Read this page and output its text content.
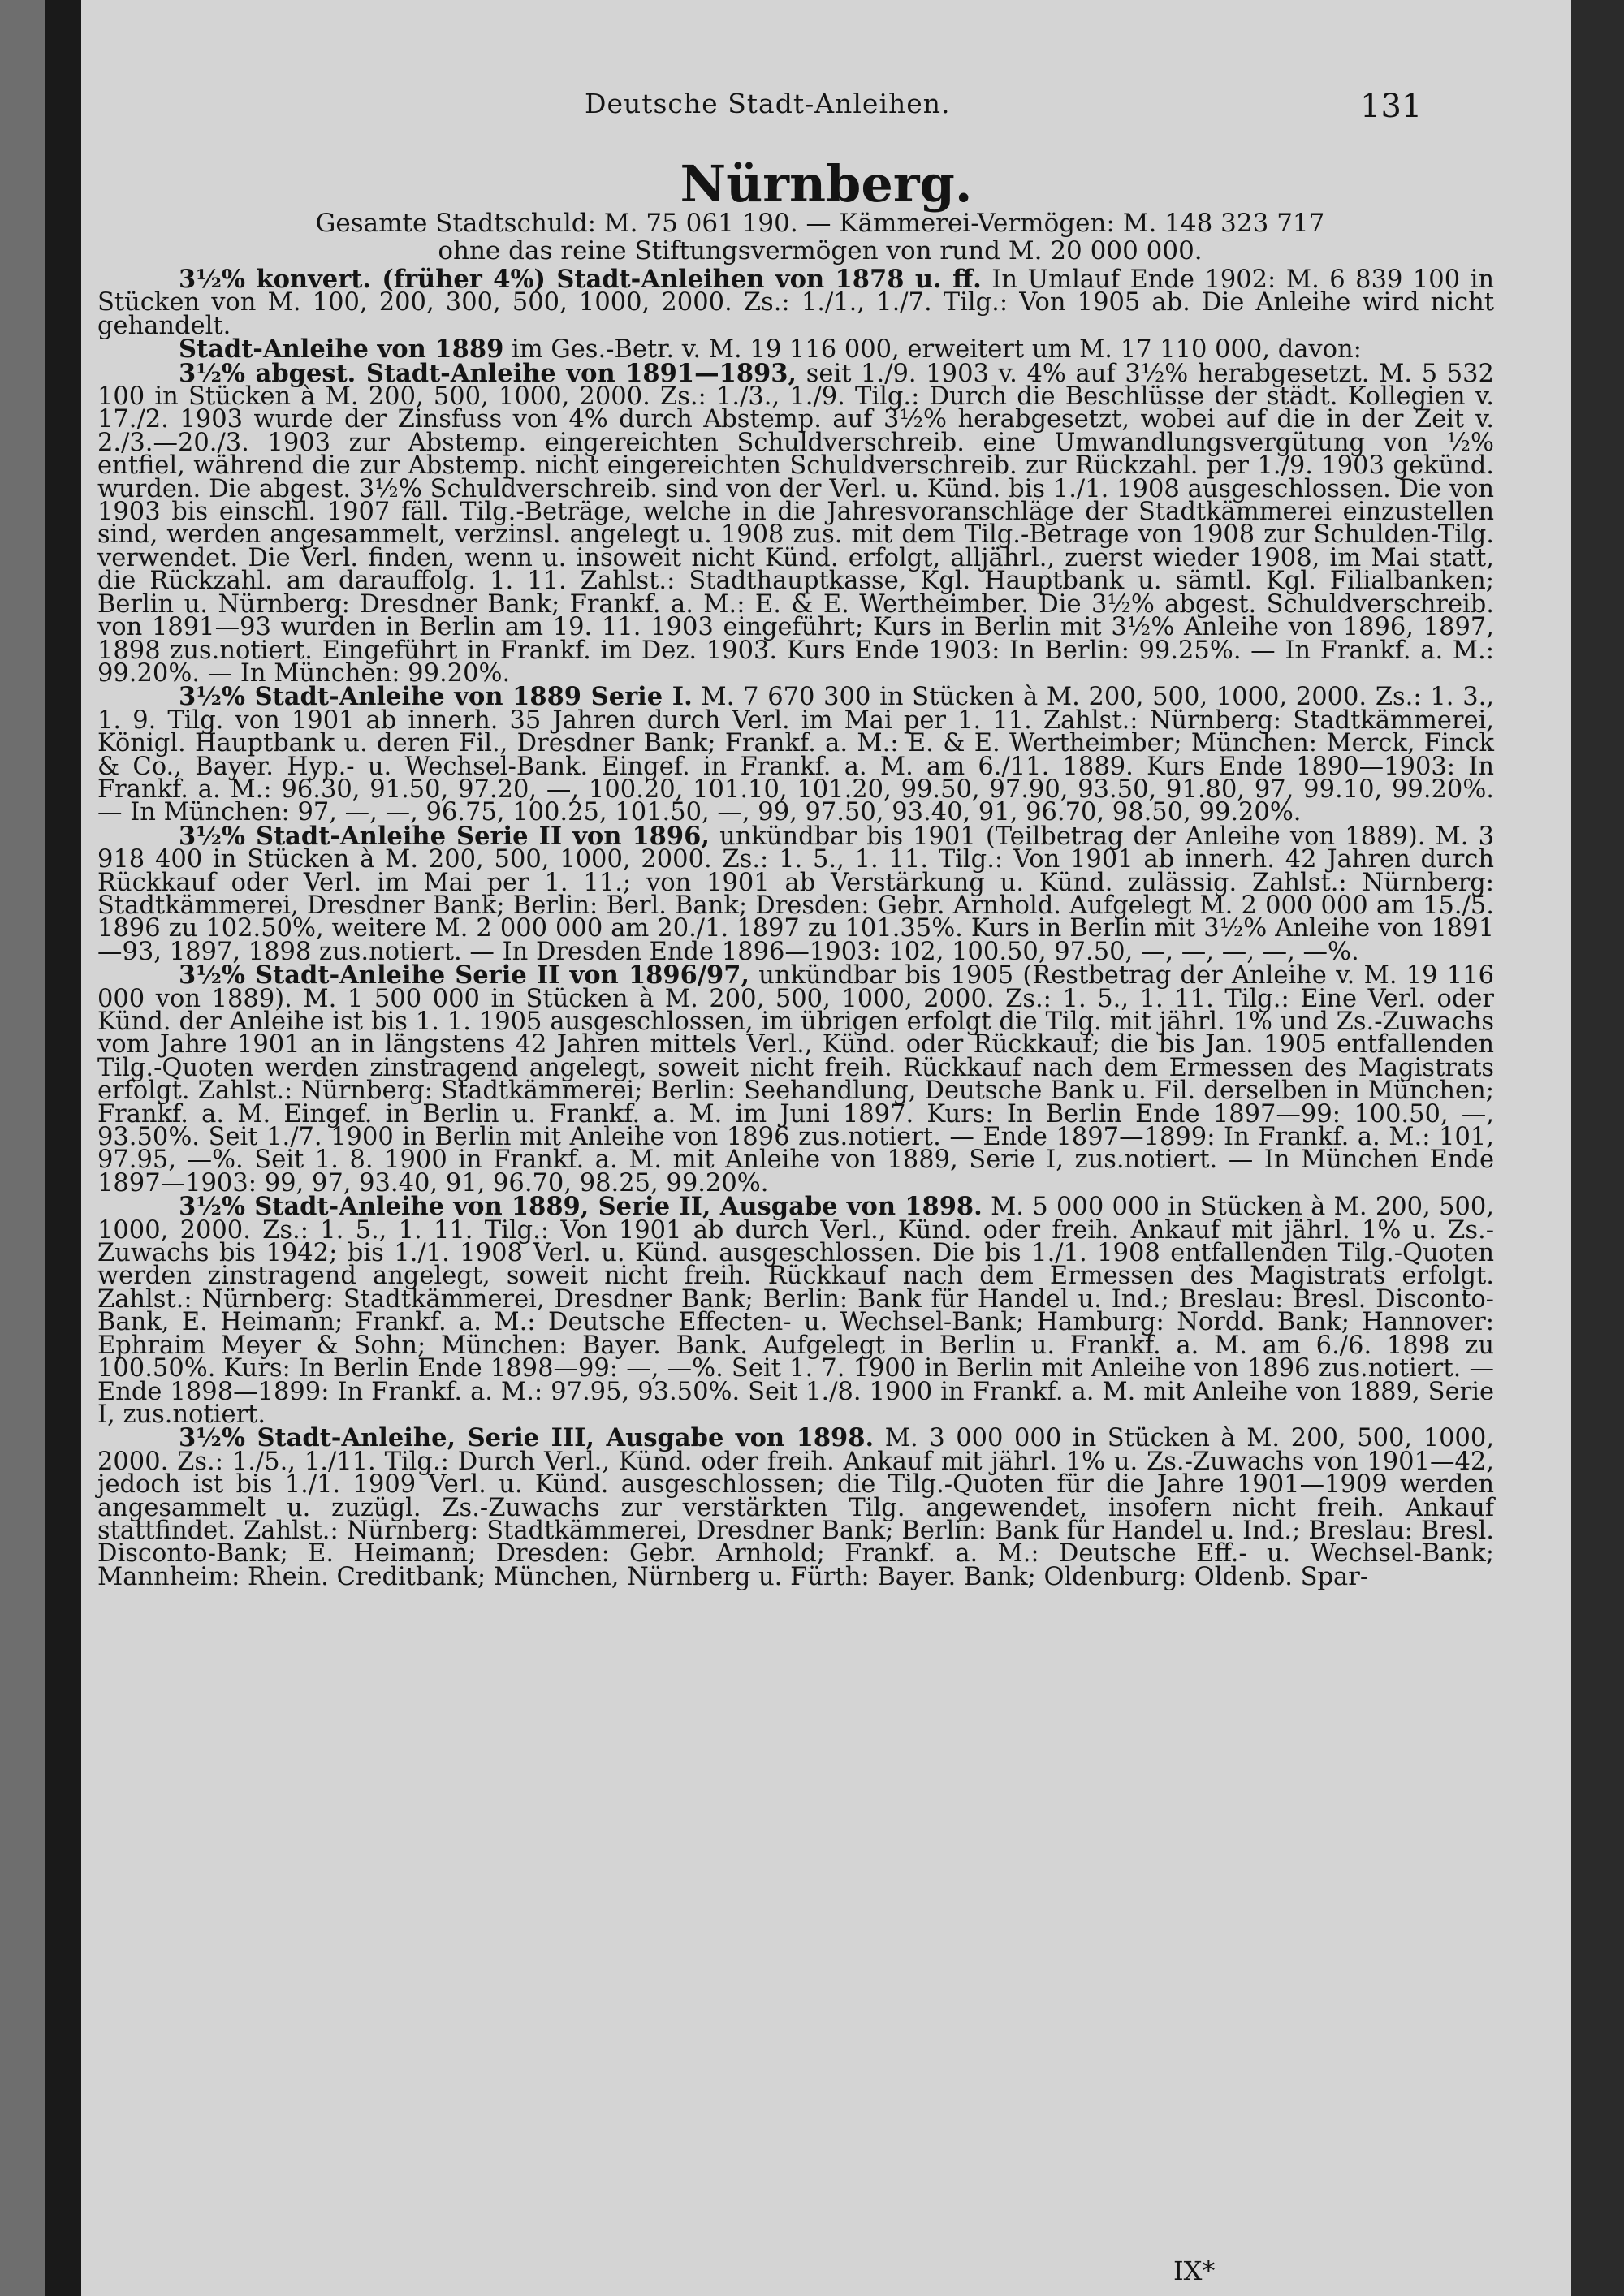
Deutsche Stadt-Anleihen.	131
Nürnberg.
Gesamte Stadtschuld: M. 75 061 190. — Kämmerei-Vermögen: M. 148 323 717
ohne das reine Stiftungsvermögen von rund M. 20 000 000.

3½% konvert. (früher 4%) Stadt-Anleihen von 1878 u. ff. In Umlauf Ende 1902: M. 6 839 100 in Stücken von M. 100, 200, 300, 500, 1000, 2000. Zs.: 1./1., 1./7. Tilg.: Von 1905 ab. Die Anleihe wird nicht gehandelt.

Stadt-Anleihe von 1889 im Ges.-Betr. v. M. 19 116 000, erweitert um M. 17 110 000, davon:

3½% abgest. Stadt-Anleihe von 1891—1893, seit 1./9. 1903 v. 4% auf 3½% herabgesetzt. M. 5 532 100 in Stücken à M. 200, 500, 1000, 2000. Zs.: 1./3., 1./9. Tilg.: Durch die Beschlüsse der städt. Kollegien v. 17./2. 1903 wurde der Zinsfuss von 4% durch Abstemp. auf 3½% herabgesetzt, wobei auf die in der Zeit v. 2./3.—20./3. 1903 zur Abstemp. eingereichten Schuldverschreib. eine Umwandlungsvergütung von ½% entfiel, während die zur Abstemp. nicht eingereichten Schuldverschreib. zur Rückzahl. per 1./9. 1903 gekünd. wurden. Die abgest. 3½% Schuldverschreib. sind von der Verl. u. Künd. bis 1./1. 1908 ausgeschlossen. Die von 1903 bis einschl. 1907 fäll. Tilg.-Beträge, welche in die Jahresvoranschläge der Stadtkämmerei einzustellen sind, werden angesammelt, verzinsl. angelegt u. 1908 zus. mit dem Tilg.-Betrage von 1908 zur Schulden-Tilg. verwendet. Die Verl. finden, wenn u. insoweit nicht Künd. erfolgt, alljährl., zuerst wieder 1908, im Mai statt, die Rückzahl. am darauffolg. 1. 11. Zahlst.: Stadthauptkasse, Kgl. Hauptbank u. sämtl. Kgl. Filialbanken; Berlin u. Nürnberg: Dresdner Bank; Frankf. a. M.: E. & E. Wertheimber. Die 3½% abgest. Schuldverschreib. von 1891—93 wurden in Berlin am 19. 11. 1903 eingeführt; Kurs in Berlin mit 3½% Anleihe von 1896, 1897, 1898 zus.notiert. Eingeführt in Frankf. im Dez. 1903. Kurs Ende 1903: In Berlin: 99.25%. — In Frankf. a. M.: 99.20%. — In München: 99.20%.

3½% Stadt-Anleihe von 1889 Serie I. M. 7 670 300 in Stücken à M. 200, 500, 1000, 2000. Zs.: 1. 3., 1. 9. Tilg. von 1901 ab innerh. 35 Jahren durch Verl. im Mai per 1. 11. Zahlst.: Nürnberg: Stadtkämmerei, Königl. Hauptbank u. deren Fil., Dresdner Bank; Frankf. a. M.: E. & E. Wertheimber; München: Merck, Finck & Co., Bayer. Hyp.- u. Wechsel-Bank. Eingef. in Frankf. a. M. am 6./11. 1889. Kurs Ende 1890—1903: In Frankf. a. M.: 96.30, 91.50, 97.20, —, 100.20, 101.10, 101.20, 99.50, 97.90, 93.50, 91.80, 97, 99.10, 99.20%. — In München: 97, —, —, 96.75, 100.25, 101.50, —, 99, 97.50, 93.40, 91, 96.70, 98.50, 99.20%.

3½% Stadt-Anleihe Serie II von 1896, unkündbar bis 1901 (Teilbetrag der Anleihe von 1889). M. 3 918 400 in Stücken à M. 200, 500, 1000, 2000. Zs.: 1. 5., 1. 11. Tilg.: Von 1901 ab innerh. 42 Jahren durch Rückkauf oder Verl. im Mai per 1. 11.; von 1901 ab Verstärkung u. Künd. zulässig. Zahlst.: Nürnberg: Stadtkämmerei, Dresdner Bank; Berlin: Berl. Bank; Dresden: Gebr. Arnhold. Aufgelegt M. 2 000 000 am 15./5. 1896 zu 102.50%, weitere M. 2 000 000 am 20./1. 1897 zu 101.35%. Kurs in Berlin mit 3½% Anleihe von 1891—93, 1897, 1898 zus.notiert. — In Dresden Ende 1896—1903: 102, 100.50, 97.50, —, —, —, —, —%.

3½% Stadt-Anleihe Serie II von 1896/97, unkündbar bis 1905 (Restbetrag der Anleihe v. M. 19 116 000 von 1889). M. 1 500 000 in Stücken à M. 200, 500, 1000, 2000. Zs.: 1. 5., 1. 11. Tilg.: Eine Verl. oder Künd. der Anleihe ist bis 1. 1. 1905 ausgeschlossen, im übrigen erfolgt die Tilg. mit jährl. 1% und Zs.-Zuwachs vom Jahre 1901 an in längstens 42 Jahren mittels Verl., Künd. oder Rückkauf; die bis Jan. 1905 entfallenden Tilg.-Quoten werden zinstragend angelegt, soweit nicht freih. Rückkauf nach dem Ermessen des Magistrats erfolgt. Zahlst.: Nürnberg: Stadtkämmerei; Berlin: Seehandlung, Deutsche Bank u. Fil. derselben in München; Frankf. a. M. Eingef. in Berlin u. Frankf. a. M. im Juni 1897. Kurs: In Berlin Ende 1897—99: 100.50, —, 93.50%. Seit 1./7. 1900 in Berlin mit Anleihe von 1896 zus.notiert. — Ende 1897—1899: In Frankf. a. M.: 101, 97.95, —%. Seit 1. 8. 1900 in Frankf. a. M. mit Anleihe von 1889, Serie I, zus.notiert. — In München Ende 1897—1903: 99, 97, 93.40, 91, 96.70, 98.25, 99.20%.

3½% Stadt-Anleihe von 1889, Serie II, Ausgabe von 1898. M. 5 000 000 in Stücken à M. 200, 500, 1000, 2000. Zs.: 1. 5., 1. 11. Tilg.: Von 1901 ab durch Verl., Künd. oder freih. Ankauf mit jährl. 1% u. Zs.-Zuwachs bis 1942; bis 1./1. 1908 Verl. u. Künd. ausgeschlossen. Die bis 1./1. 1908 entfallenden Tilg.-Quoten werden zinstragend angelegt, soweit nicht freih. Rückkauf nach dem Ermessen des Magistrats erfolgt. Zahlst.: Nürnberg: Stadtkämmerei, Dresdner Bank; Berlin: Bank für Handel u. Ind.; Breslau: Bresl. Disconto-Bank, E. Heimann; Frankf. a. M.: Deutsche Effecten- u. Wechsel-Bank; Hamburg: Nordd. Bank; Hannover: Ephraim Meyer & Sohn; München: Bayer. Bank. Aufgelegt in Berlin u. Frankf. a. M. am 6./6. 1898 zu 100.50%. Kurs: In Berlin Ende 1898—99: —, —%. Seit 1. 7. 1900 in Berlin mit Anleihe von 1896 zus.notiert. — Ende 1898—1899: In Frankf. a. M.: 97.95, 93.50%. Seit 1./8. 1900 in Frankf. a. M. mit Anleihe von 1889, Serie I, zus.notiert.

3½% Stadt-Anleihe, Serie III, Ausgabe von 1898. M. 3 000 000 in Stücken à M. 200, 500, 1000, 2000. Zs.: 1./5., 1./11. Tilg.: Durch Verl., Künd. oder freih. Ankauf mit jährl. 1% u. Zs.-Zuwachs von 1901—42, jedoch ist bis 1./1. 1909 Verl. u. Künd. ausgeschlossen; die Tilg.-Quoten für die Jahre 1901—1909 werden angesammelt u. zuzügl. Zs.-Zuwachs zur verstärkten Tilg. angewendet, insofern nicht freih. Ankauf stattfindet. Zahlst.: Nürnberg: Stadtkämmerei, Dresdner Bank; Berlin: Bank für Handel u. Ind.; Breslau: Bresl. Disconto-Bank; E. Heimann; Dresden: Gebr. Arnhold; Frankf. a. M.: Deutsche Eff.- u. Wechsel-Bank; Mannheim: Rhein. Creditbank; München, Nürnberg u. Fürth: Bayer. Bank; Oldenburg: Oldenb. Spar-

IX*
